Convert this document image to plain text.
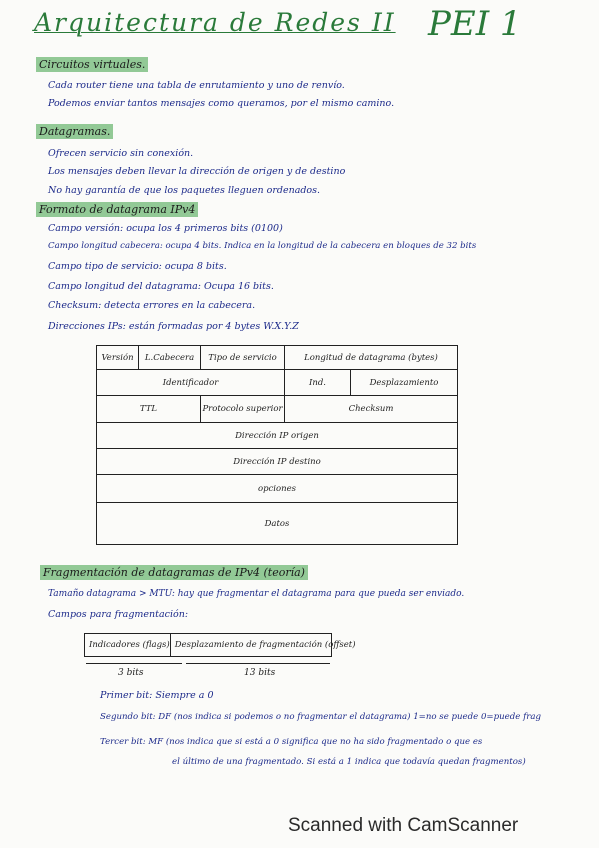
Arquitectura de Redes II PEI 1
Circuitos virtuales.
Cada router tiene una tabla de enrutamiento y uno de renvío.
Podemos enviar tantos mensajes como queramos, por el mismo camino.
Datagramas.
Ofrecen servicio sin conexión.
Los mensajes deben llevar la dirección de origen y de destino
No hay garantía de que los paquetes lleguen ordenados.
Formato de datagrama IPv4
Campo versión: ocupa los 4 primeros bits (0100)
Campo longitud cabecera: ocupa 4 bits. Indica en la longitud de la cabecera en bloques de 32 bits
Campo tipo de servicio: ocupa 8 bits.
Campo longitud del datagrama: Ocupa 16 bits.
Checksum: detecta errores en la cabecera.
Direcciones IPs: están formadas por 4 bytes W.X.Y.Z
Versión	L.Cabecera	Tipo de servicio	Longitud de datagrama (bytes)
Identificador	Ind.	Desplazamiento
TTL	Protocolo superior	Checksum
Dirección IP origen
Dirección IP destino
opciones
Datos
Fragmentación de datagramas de IPv4 (teoría)
Tamaño datagrama > MTU: hay que fragmentar el datagrama para que pueda ser enviado.
Campos para fragmentación:
Indicadores (flags) Desplazamiento de fragmentación (offset)
3 bits	13 bits
Primer bit: Siempre a 0
Segundo bit: DF (nos indica si podemos o no fragmentar el datagrama) 1=no se puede 0=puede frag
Tercer bit: MF (nos indica que si está a 0 significa que no ha sido fragmentado o que es
el último de una fragmentado. Si está a 1 indica que todavía quedan fragmentos)
Scanned with CamScanner
